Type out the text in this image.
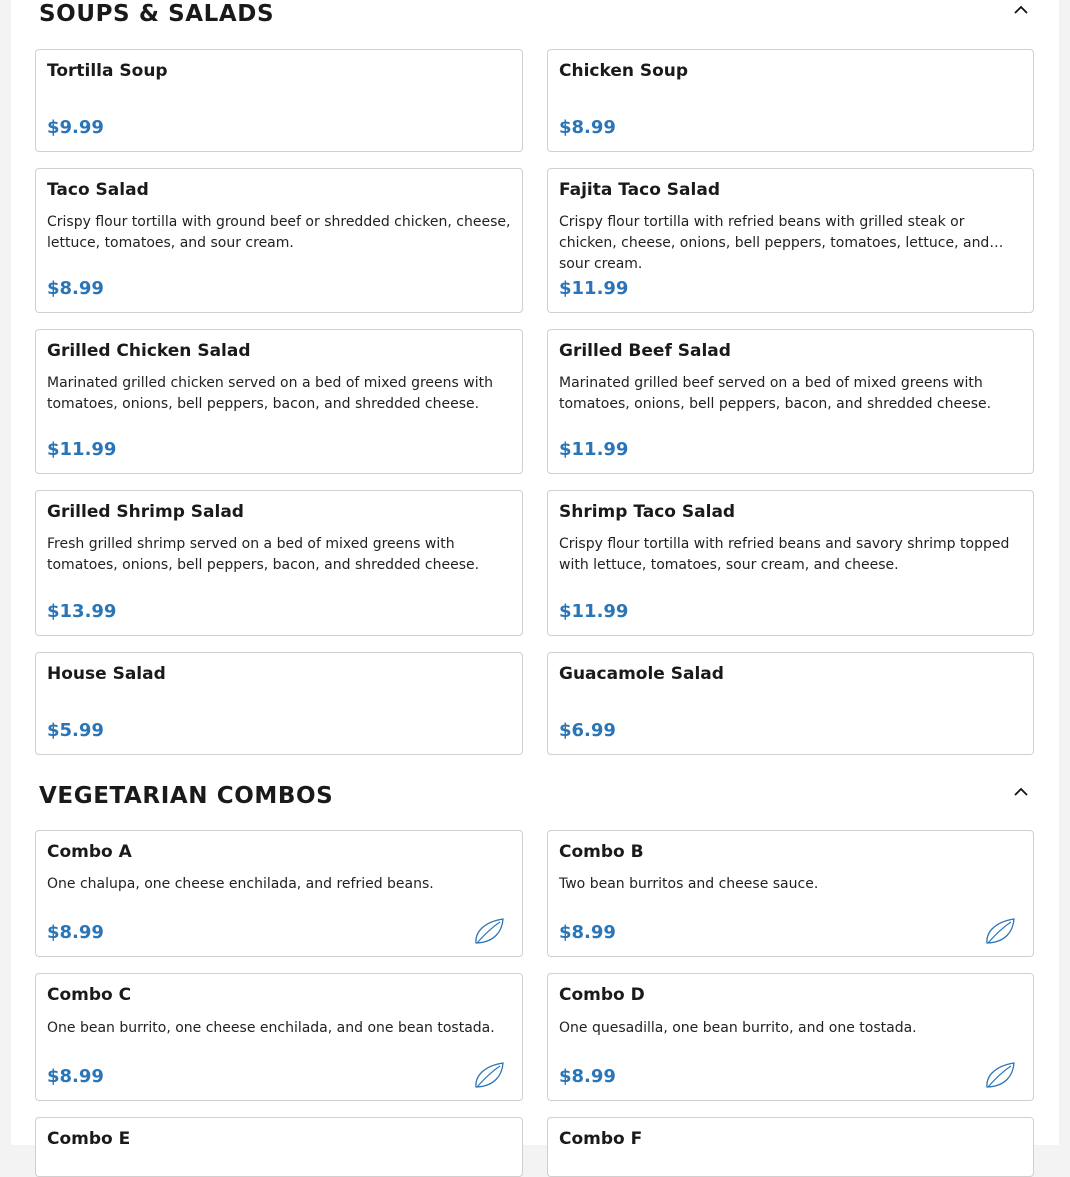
SOUPS & SALADS
Tortilla Soup
$9.99
Chicken Soup
$8.99
Taco Salad
Crispy flour tortilla with ground beef or shredded chicken, cheese, lettuce, tomatoes, and sour cream.
$8.99
Fajita Taco Salad
Crispy flour tortilla with refried beans with grilled steak or chicken, cheese, onions, bell peppers, tomatoes, lettuce, and sour cream.
$11.99
Grilled Chicken Salad
Marinated grilled chicken served on a bed of mixed greens with tomatoes, onions, bell peppers, bacon, and shredded cheese.
$11.99
Grilled Beef Salad
Marinated grilled beef served on a bed of mixed greens with tomatoes, onions, bell peppers, bacon, and shredded cheese.
$11.99
Grilled Shrimp Salad
Fresh grilled shrimp served on a bed of mixed greens with tomatoes, onions, bell peppers, bacon, and shredded cheese.
$13.99
Shrimp Taco Salad
Crispy flour tortilla with refried beans and savory shrimp topped with lettuce, tomatoes, sour cream, and cheese.
$11.99
House Salad
$5.99
Guacamole Salad
$6.99
VEGETARIAN COMBOS
Combo A
One chalupa, one cheese enchilada, and refried beans.
$8.99
Combo B
Two bean burritos and cheese sauce.
$8.99
Combo C
One bean burrito, one cheese enchilada, and one bean tostada.
$8.99
Combo D
One quesadilla, one bean burrito, and one tostada.
$8.99
Combo E	Combo F
